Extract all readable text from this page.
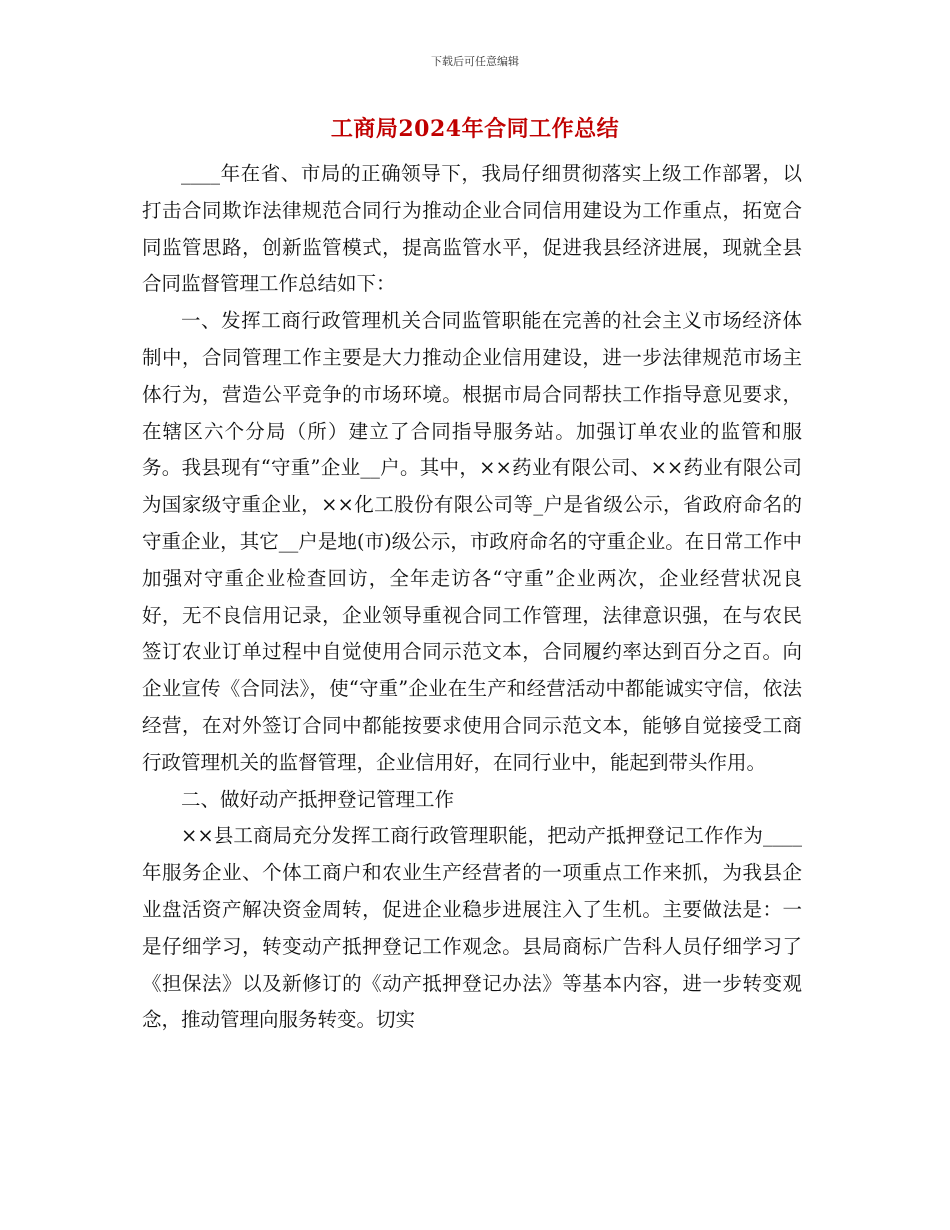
下载后可任意编辑
工商局2024年合同工作总结

____年在省、市局的正确领导下，我局仔细贯彻落实上级工作部署，以打击合同欺诈法律规范合同行为推动企业合同信用建设为工作重点，拓宽合同监管思路，创新监管模式，提高监管水平，促进我县经济进展，现就全县合同监督管理工作总结如下：

一、发挥工商行政管理机关合同监管职能在完善的社会主义市场经济体制中，合同管理工作主要是大力推动企业信用建设，进一步法律规范市场主体行为，营造公平竞争的市场环境。根据市局合同帮扶工作指导意见要求，在辖区六个分局（所）建立了合同指导服务站。加强订单农业的监管和服务。我县现有“守重”企业__户。其中，××药业有限公司、××药业有限公司为国家级守重企业，××化工股份有限公司等_户是省级公示，省政府命名的守重企业，其它__户是地(市)级公示，市政府命名的守重企业。在日常工作中加强对守重企业检查回访，全年走访各“守重”企业两次，企业经营状况良好，无不良信用记录，企业领导重视合同工作管理，法律意识强，在与农民签订农业订单过程中自觉使用合同示范文本，合同履约率达到百分之百。向企业宣传《合同法》，使“守重”企业在生产和经营活动中都能诚实守信，依法经营，在对外签订合同中都能按要求使用合同示范文本，能够自觉接受工商行政管理机关的监督管理，企业信用好，在同行业中，能起到带头作用。

二、做好动产抵押登记管理工作

××县工商局充分发挥工商行政管理职能，把动产抵押登记工作作为____年服务企业、个体工商户和农业生产经营者的一项重点工作来抓，为我县企业盘活资产解决资金周转，促进企业稳步进展注入了生机。主要做法是：一是仔细学习，转变动产抵押登记工作观念。县局商标广告科人员仔细学习了《担保法》以及新修订的《动产抵押登记办法》等基本内容，进一步转变观念，推动管理向服务转变。切实
